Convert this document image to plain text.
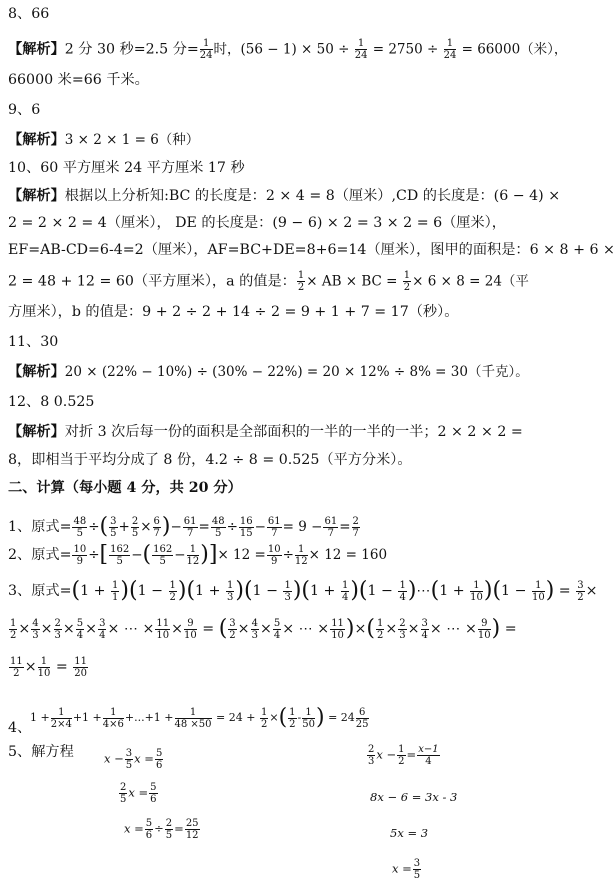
8、66
【解析】2 分 30 秒=2.5 分= $\frac{1}{24}$ 时，$(56 - 1) \times 50 \div \frac{1}{24} = 2750 \div \frac{1}{24} = 66000$（米），
66000 米=66 千米。
9、6
【解析】3 × 2 × 1 = 6（种）
10、60 平方厘米 24 平方厘米 17 秒
【解析】根据以上分析知:BC 的长度是：2 × 4 = 8（厘米）,CD 的长度是：(6 − 4) ×
2 = 2 × 2 = 4（厘米）， DE 的长度是：(9 − 6) × 2 = 3 × 2 = 6（厘米），
EF=AB-CD=6-4=2（厘米），AF=BC+DE=8+6=14（厘米），图甲的面积是：6 × 8 + 6 ×
2 = 48 + 12 = 60（平方厘米），a 的值是： $\frac{1}{2}$ × AB × BC = $\frac{1}{2} \times 6 \times 8 = 24$（平
方厘米），b 的值是：9 + 2 ÷ 2 + 14 ÷ 2 = 9 + 1 + 7 = 17（秒）。
11、30
【解析】20 × (22% − 10%) ÷ (30% − 22%) = 20 × 12% ÷ 8% = 30（千克）。
12、8 0.525
【解析】对折 3 次后每一份的面积是全部面积的一半的一半的一半；2 × 2 × 2 =
8，即相当于平均分成了 8 份，4.2 ÷ 8 = 0.525（平方分米）。
二、计算（每小题 4 分，共 20 分）
1、原式= $\frac{48}{5}$ ÷( $\frac{3}{5} + \frac{2}{5} \times \frac{6}{7}$ )− $\frac{61}{7} = \frac{48}{5} \div \frac{16}{15} - \frac{61}{7} = 9 - \frac{61}{7} = \frac{2}{7}$
2、原式= $\frac{10}{9}$ ÷[ $\frac{162}{5}$ −( $\frac{162}{5} - \frac{1}{12}$ )]× $12 = \frac{10}{9} \div \frac{1}{12} \times 12 = 160$
3、原式$=(1 + \frac{1}{1} )(1 - \frac{1}{2} )(1 + \frac{1}{3} )(1 - \frac{1}{3} )(1 + \frac{1}{4} )(1 - \frac{1}{4}$ )⋯(1 + $\frac{1}{10} )(1 - \frac{1}{10}$ ) = $\frac{3}{2}$ ×
$\frac{1}{2} \times \frac{4}{3} \times \frac{2}{3} \times \frac{5}{4} \times \frac{3}{4}$ × ⋯ × $\frac{11}{10} \times \frac{9}{10}$ = ( $\frac{3}{2} \times \frac{4}{3} \times \frac{5}{4}$ × ⋯ × $\frac{11}{10}$ )×( $\frac{1}{2} \times \frac{2}{3} \times \frac{3}{4}$ × ⋯ × $\frac{9}{10}$ ) =
$\frac{11}{2} \times \frac{1}{10} = \frac{11}{20}$
$1 + \frac{1}{2\times 4} +1 + \frac{1}{4\times 6} +...+1 + \frac{1}{48 \times 50} = 24 + \frac{1}{2}$ ×( $\frac{1}{2} - \frac{1}{50}$ ) = $24 \frac{6}{25}$
4、
5、解方程	$x - \frac{3}{5}$ $x = \frac{5}{6}$
$\frac{2}{5}$ $x = \frac{5}{6}$
$x = \frac{5}{6} \div \frac{2}{5} = \frac{25}{12}$
$\frac{2}{3}$ $x - \frac{1}{2} = \frac{x-1}{4}$
8x − 6 = 3x - 3
5x = 3
$x = \frac{3}{5}$
